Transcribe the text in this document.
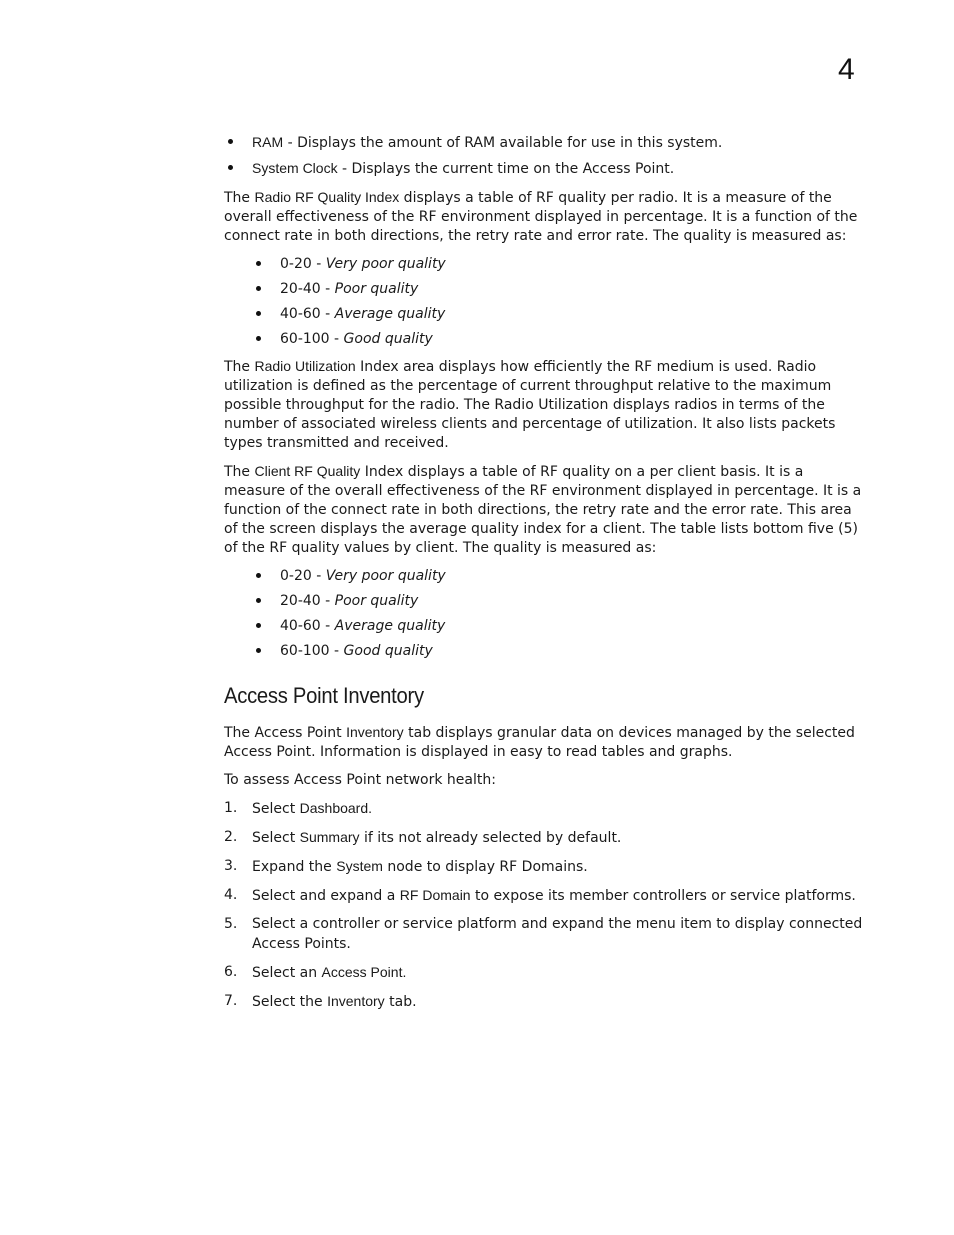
4
RAM - Displays the amount of RAM available for use in this system.
System Clock - Displays the current time on the Access Point.

The Radio RF Quality Index displays a table of RF quality per radio. It is a measure of the overall effectiveness of the RF environment displayed in percentage. It is a function of the connect rate in both directions, the retry rate and error rate. The quality is measured as:

0-20 - Very poor quality
20-40 - Poor quality
40-60 - Average quality
60-100 - Good quality

The Radio Utilization Index area displays how efficiently the RF medium is used. Radio utilization is defined as the percentage of current throughput relative to the maximum possible throughput for the radio. The Radio Utilization displays radios in terms of the number of associated wireless clients and percentage of utilization. It also lists packets types transmitted and received.

The Client RF Quality Index displays a table of RF quality on a per client basis. It is a measure of the overall effectiveness of the RF environment displayed in percentage. It is a function of the connect rate in both directions, the retry rate and the error rate. This area of the screen displays the average quality index for a client. The table lists bottom five (5) of the RF quality values by client. The quality is measured as:

0-20 - Very poor quality
20-40 - Poor quality
40-60 - Average quality
60-100 - Good quality
Access Point Inventory

The Access Point Inventory tab displays granular data on devices managed by the selected Access Point. Information is displayed in easy to read tables and graphs.

To assess Access Point network health:

1. Select Dashboard.
2. Select Summary if its not already selected by default.
3. Expand the System node to display RF Domains.
4. Select and expand a RF Domain to expose its member controllers or service platforms.
5. Select a controller or service platform and expand the menu item to display connected Access Points.
6. Select an Access Point.
7. Select the Inventory tab.
